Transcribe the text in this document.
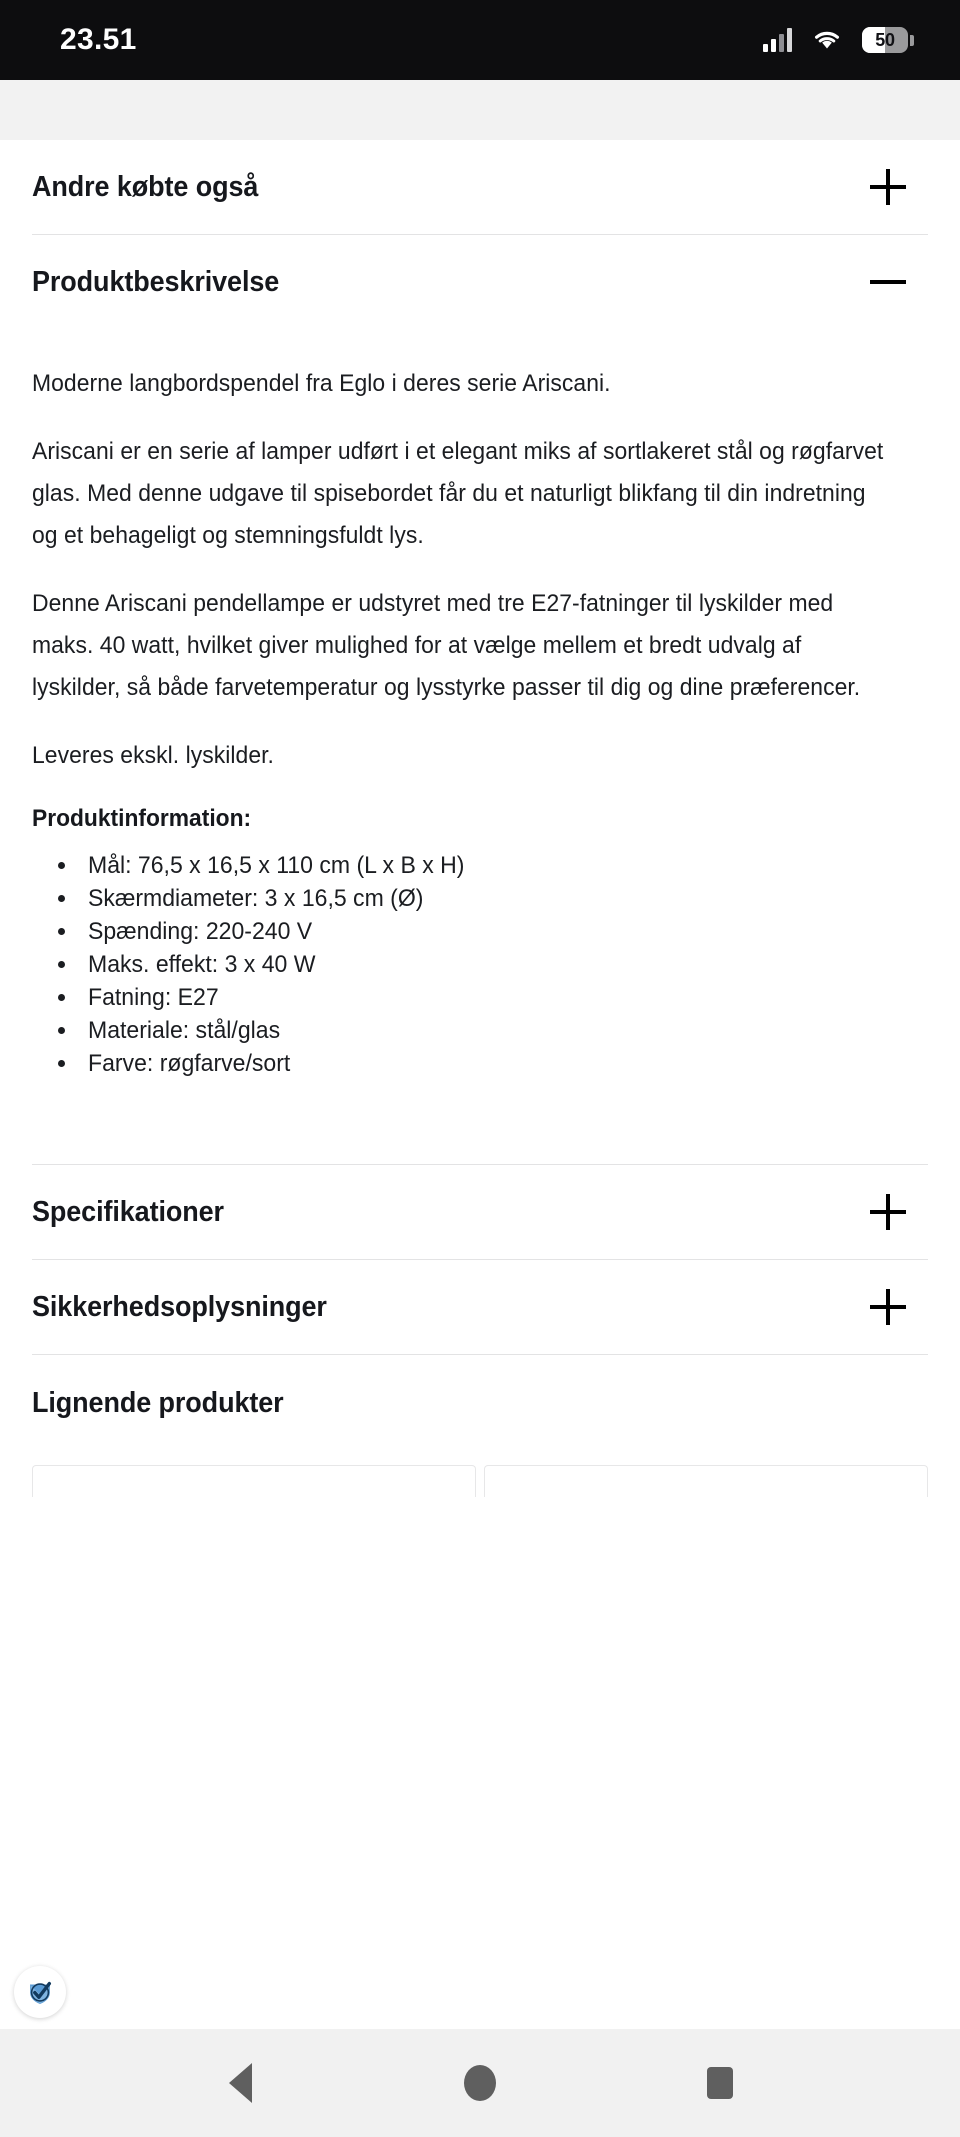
23.51	50
Andre købte også
Produktbeskrivelse

Moderne langbordspendel fra Eglo i deres serie Ariscani.

Ariscani er en serie af lamper udført i et elegant miks af sortlakeret stål og røgfarvet glas. Med denne udgave til spisebordet får du et naturligt blikfang til din indretning og et behageligt og stemningsfuldt lys.

Denne Ariscani pendellampe er udstyret med tre E27-fatninger til lyskilder med maks. 40 watt, hvilket giver mulighed for at vælge mellem et bredt udvalg af lyskilder, så både farvetemperatur og lysstyrke passer til dig og dine præferencer.

Leveres ekskl. lyskilder.

Produktinformation:
Mål: 76,5 x 16,5 x 110 cm (L x B x H)
Skærmdiameter: 3 x 16,5 cm (Ø)
Spænding: 220-240 V
Maks. effekt: 3 x 40 W
Fatning: E27
Materiale: stål/glas
Farve: røgfarve/sort
Specifikationer
Sikkerhedsoplysninger
Lignende produkter
